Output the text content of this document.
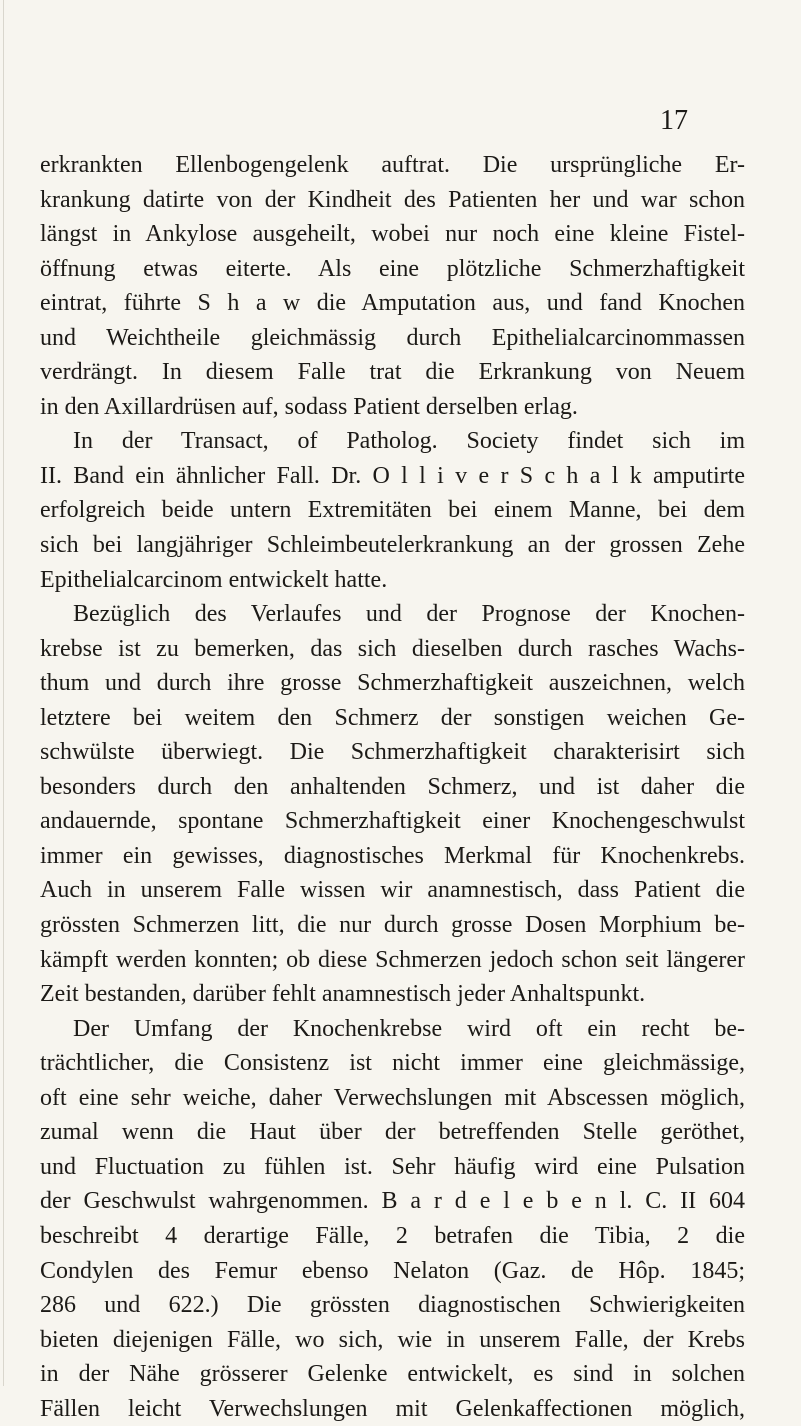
17
erkrankten Ellenbogengelenk auftrat. Die ursprüngliche Er-
krankung datirte von der Kindheit des Patienten her und war schon
längst in Ankylose ausgeheilt, wobei nur noch eine kleine Fistel-
öffnung etwas eiterte. Als eine plötzliche Schmerzhaftigkeit
eintrat, führte S h a w die Amputation aus, und fand Knochen
und Weichtheile gleichmässig durch Epithelialcarcinommassen
verdrängt. In diesem Falle trat die Erkrankung von Neuem
in den Axillardrüsen auf, sodass Patient derselben erlag.
In der Transact, of Patholog. Society findet sich im
II. Band ein ähnlicher Fall. Dr. O l l i v e r S c h a l k amputirte
erfolgreich beide untern Extremitäten bei einem Manne, bei dem
sich bei langjähriger Schleimbeutelerkrankung an der grossen Zehe
Epithelialcarcinom entwickelt hatte.
Bezüglich des Verlaufes und der Prognose der Knochen-
krebse ist zu bemerken, das sich dieselben durch rasches Wachs-
thum und durch ihre grosse Schmerzhaftigkeit auszeichnen, welch
letztere bei weitem den Schmerz der sonstigen weichen Ge-
schwülste überwiegt. Die Schmerzhaftigkeit charakterisirt sich
besonders durch den anhaltenden Schmerz, und ist daher die
andauernde, spontane Schmerzhaftigkeit einer Knochengeschwulst
immer ein gewisses, diagnostisches Merkmal für Knochenkrebs.
Auch in unserem Falle wissen wir anamnestisch, dass Patient die
grössten Schmerzen litt, die nur durch grosse Dosen Morphium be-
kämpft werden konnten; ob diese Schmerzen jedoch schon seit längerer
Zeit bestanden, darüber fehlt anamnestisch jeder Anhaltspunkt.
Der Umfang der Knochenkrebse wird oft ein recht be-
trächtlicher, die Consistenz ist nicht immer eine gleichmässige,
oft eine sehr weiche, daher Verwechslungen mit Abscessen möglich,
zumal wenn die Haut über der betreffenden Stelle geröthet,
und Fluctuation zu fühlen ist. Sehr häufig wird eine Pulsation
der Geschwulst wahrgenommen. B a r d e l e b e n l. C. II 604
beschreibt 4 derartige Fälle, 2 betrafen die Tibia, 2 die
Condylen des Femur ebenso Nelaton (Gaz. de Hôp. 1845;
286 und 622.) Die grössten diagnostischen Schwierigkeiten
bieten diejenigen Fälle, wo sich, wie in unserem Falle, der Krebs
in der Nähe grösserer Gelenke entwickelt, es sind in solchen
Fällen leicht Verwechslungen mit Gelenkaffectionen möglich,
